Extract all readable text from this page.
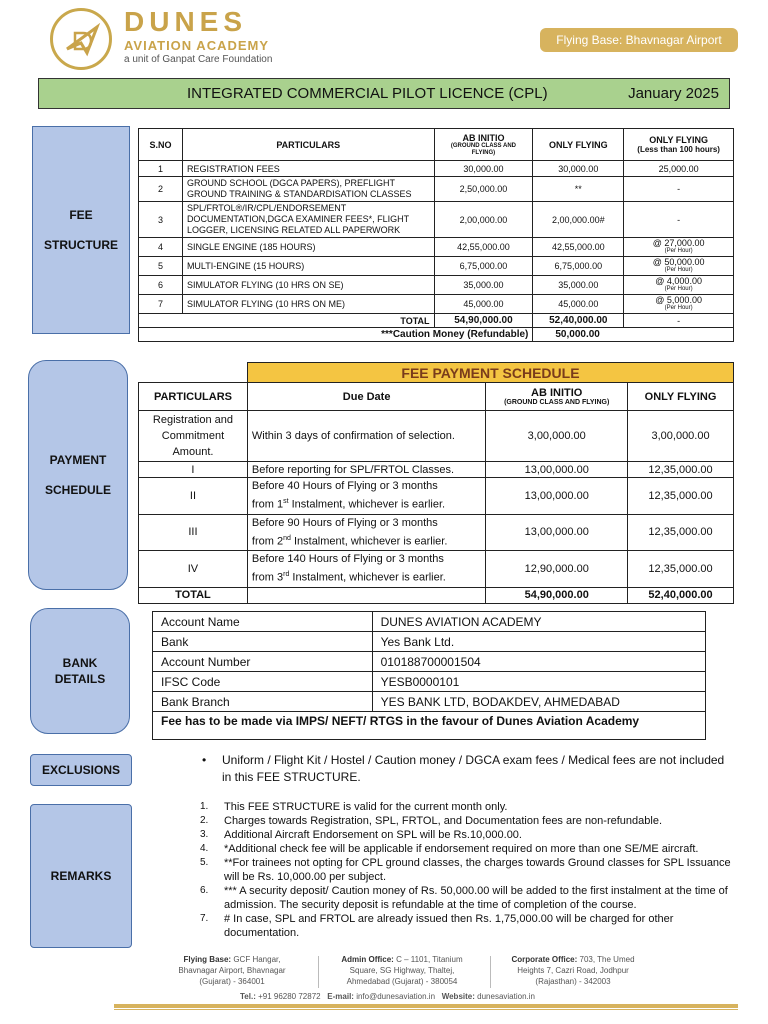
DUNES
AVIATION ACADEMY
a unit of Ganpat Care Foundation
Flying Base: Bhavnagar Airport
INTEGRATED COMMERCIAL PILOT LICENCE (CPL)	January 2025
FEE
STRUCTURE
S.NO	PARTICULARS	AB INITIO
(GROUND CLASS AND FLYING)	ONLY FLYING	ONLY FLYING
(Less than 100 hours)

1	REGISTRATION FEES	30,000.00	30,000.00	25,000.00
2	GROUND SCHOOL (DGCA PAPERS), PREFLIGHT GROUND TRAINING & STANDARDISATION CLASSES	2,50,000.00	**	-
3	SPL/FRTOL®/IR/CPL/ENDORSEMENT DOCUMENTATION,DGCA EXAMINER FEES*, FLIGHT LOGGER, LICENSING RELATED ALL PAPERWORK	2,00,000.00	2,00,000.00#	-
4	SINGLE ENGINE (185 HOURS)	42,55,000.00	42,55,000.00	@ 27,000.00
(Per Hour)

5	MULTI-ENGINE (15 HOURS)	6,75,000.00	6,75,000.00	@ 50,000.00
(Per Hour)

6	SIMULATOR FLYING (10 HRS ON SE)	35,000.00	35,000.00	@ 4,000.00
(Per Hour)

7	SIMULATOR FLYING (10 HRS ON ME)	45,000.00	45,000.00	@ 5,000.00
(Per Hour)

TOTAL		54,90,000.00	52,40,000.00	-
***Caution Money (Refundable)			50,000.00	
PAYMENT
SCHEDULE
	FEE PAYMENT SCHEDULE		
PARTICULARS	Due Date	AB INITIO
(GROUND CLASS AND FLYING)	ONLY FLYING
Registration and Commitment Amount.	Within 3 days of confirmation of selection.	3,00,000.00	3,00,000.00
I	Before reporting for SPL/FRTOL Classes.	13,00,000.00	12,35,000.00
II	Before 40 Hours of Flying or 3 months
from 1st Instalment, whichever is earlier.	13,00,000.00	12,35,000.00
III	Before 90 Hours of Flying or 3 months
from 2nd Instalment, whichever is earlier.	13,00,000.00	12,35,000.00
IV	Before 140 Hours of Flying or 3 months
from 3rd Instalment, whichever is earlier.	12,90,000.00	12,35,000.00
TOTAL		54,90,000.00	52,40,000.00
BANK
DETAILS
Account Name	DUNES AVIATION ACADEMY
Bank	Yes Bank Ltd.
Account Number	010188700001504
IFSC Code	YESB0000101
Bank Branch	YES BANK LTD, BODAKDEV, AHMEDABAD
Fee has to be made via IMPS/ NEFT/ RTGS in the favour of Dunes Aviation Academy	
EXCLUSIONS
•	Uniform / Flight Kit / Hostel / Caution money / DGCA exam fees / Medical fees are not included in this FEE STRUCTURE.
REMARKS
1. This FEE STRUCTURE is valid for the current month only.
2. Charges towards Registration, SPL, FRTOL, and Documentation fees are non-refundable.
3. Additional Aircraft Endorsement on SPL will be Rs.10,000.00.
4. *Additional check fee will be applicable if endorsement required on more than one SE/ME aircraft.
5. **For trainees not opting for CPL ground classes, the charges towards Ground classes for SPL Issuance will be Rs. 10,000.00 per subject.
6. *** A security deposit/ Caution money of Rs. 50,000.00 will be added to the first instalment at the time of admission. The security deposit is refundable at the time of completion of the course.
7. # In case, SPL and FRTOL are already issued then Rs. 1,75,000.00 will be charged for other documentation.
Flying Base: GCF Hangar, Bhavnagar Airport, Bhavnagar (Gujarat) - 364001
Admin Office: C – 1101, Titanium Square, SG Highway, Thaltej, Ahmedabad (Gujarat) - 380054
Corporate Office: 703, The Umed Heights 7, Cazri Road, Jodhpur (Rajasthan) - 342003
Tel.: +91 96280 72872 E-mail: info@dunesaviation.in Website: dunesaviation.in
